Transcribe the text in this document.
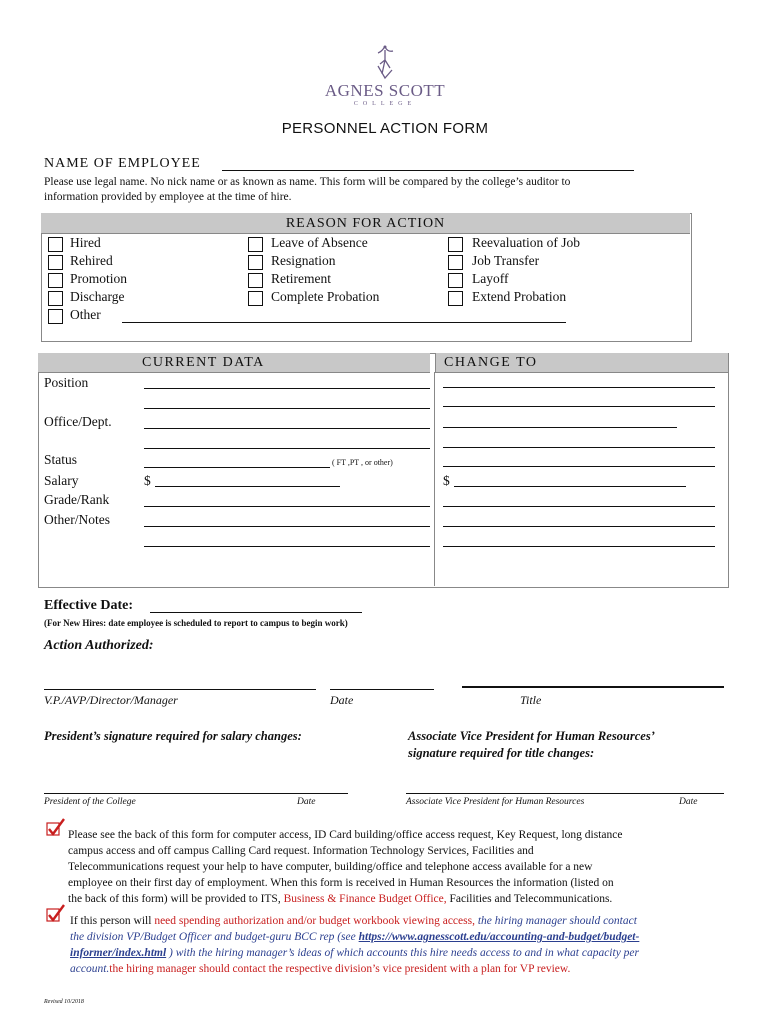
AGNES SCOTT
COLLEGE
PERSONNEL ACTION FORM
NAME OF EMPLOYEE
Please use legal name. No nick name or as known as name. This form will be compared by the college’s auditor to
information provided by employee at the time of hire.
REASON FOR ACTION
Hired
Rehired
Promotion
Discharge
Other
Leave of Absence
Resignation
Retirement
Complete Probation
Reevaluation of Job
Job Transfer
Layoff
Extend Probation
CURRENT DATA	CHANGE TO
Position
Office/Dept.
Status
Salary
Grade/Rank
Other/Notes
( FT ,PT , or other)
$	$
Effective Date:
(For New Hires: date employee is scheduled to report to campus to begin work)
Action Authorized:
V.P./AVP/Director/Manager	Date	Title
President’s signature required for salary changes:	Associate Vice President for Human Resources’
signature required for title changes:
President of the College	Date	Associate Vice President for Human Resources	Date
Please see the back of this form for computer access, ID Card building/office access request, Key Request, long distance
campus access and off campus Calling Card request. Information Technology Services, Facilities and
Telecommunications request your help to have computer, building/office and telephone access available for a new
employee on their first day of employment. When this form is received in Human Resources the information (listed on
the back of this form) will be provided to ITS, Business & Finance Budget Office, Facilities and Telecommunications.
If this person will need spending authorization and/or budget workbook viewing access, the hiring manager should contact
the division VP/Budget Officer and budget-guru BCC rep (see https://www.agnesscott.edu/accounting-and-budget/budget-
informer/index.html ) with the hiring manager’s ideas of which accounts this hire needs access to and in what capacity per
account.the hiring manager should contact the respective division’s vice president with a plan for VP review.
Revised 10/2018
